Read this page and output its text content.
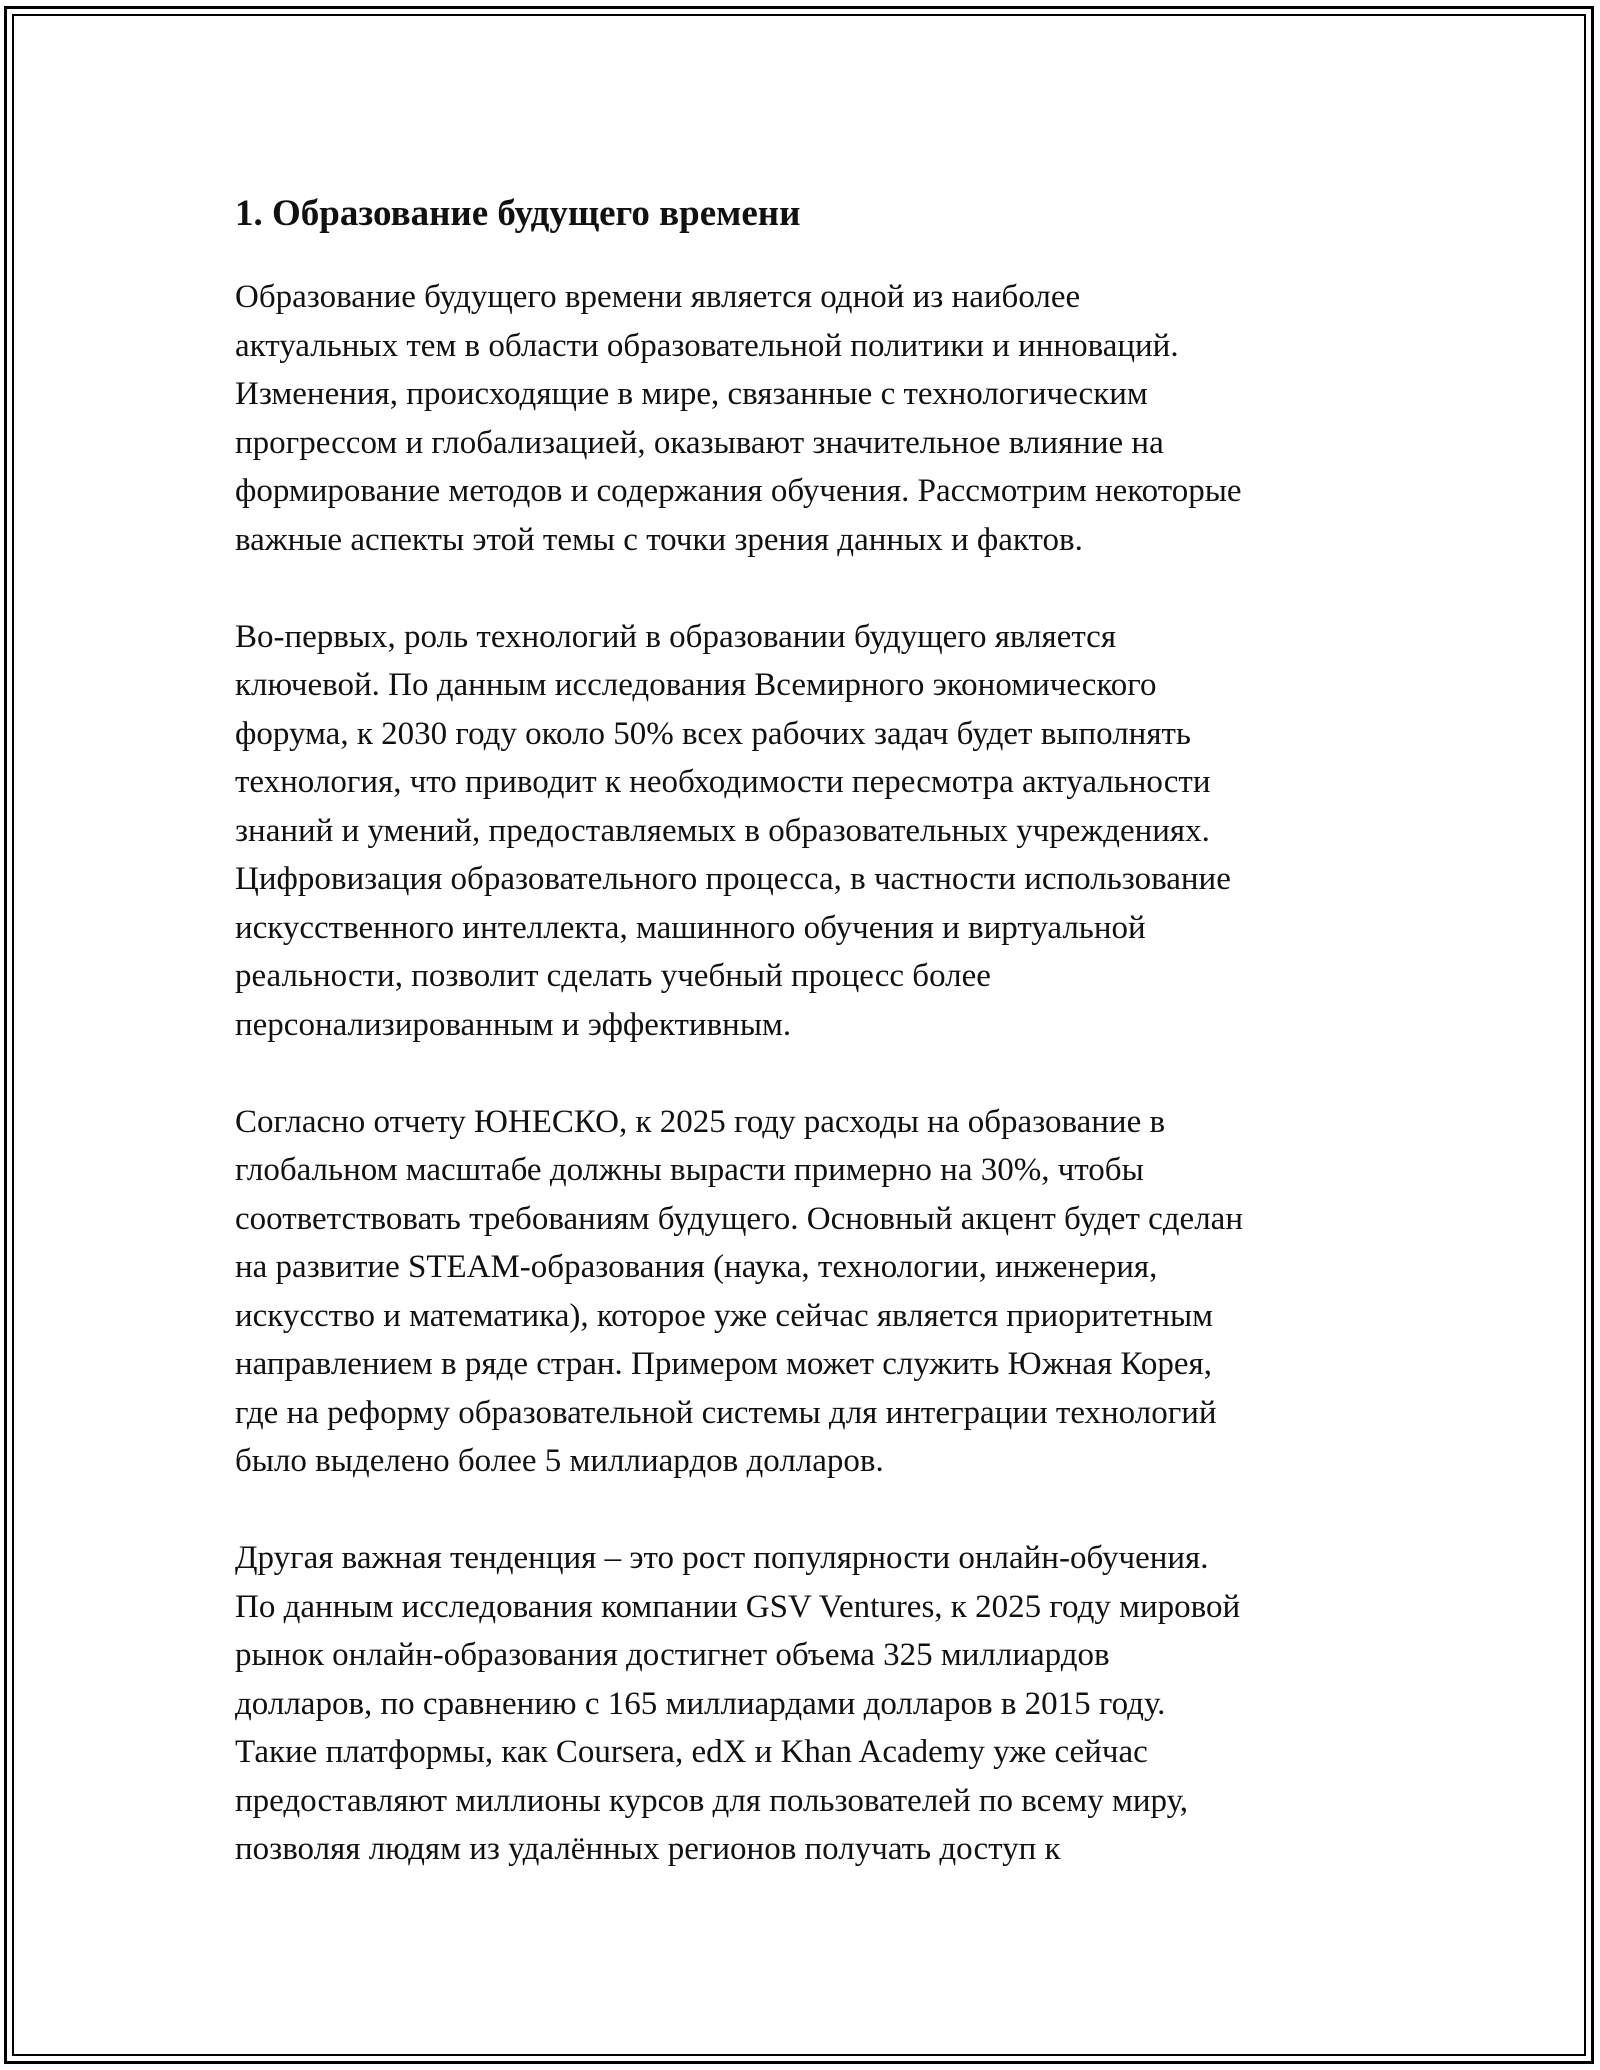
1. Образование будущего времени

Образование будущего времени является одной из наиболее
актуальных тем в области образовательной политики и инноваций.
Изменения, происходящие в мире, связанные с технологическим
прогрессом и глобализацией, оказывают значительное влияние на
формирование методов и содержания обучения. Рассмотрим некоторые
важные аспекты этой темы с точки зрения данных и фактов.

Во-первых, роль технологий в образовании будущего является
ключевой. По данным исследования Всемирного экономического
форума, к 2030 году около 50% всех рабочих задач будет выполнять
технология, что приводит к необходимости пересмотра актуальности
знаний и умений, предоставляемых в образовательных учреждениях.
Цифровизация образовательного процесса, в частности использование
искусственного интеллекта, машинного обучения и виртуальной
реальности, позволит сделать учебный процесс более
персонализированным и эффективным.

Согласно отчету ЮНЕСКО, к 2025 году расходы на образование в
глобальном масштабе должны вырасти примерно на 30%, чтобы
соответствовать требованиям будущего. Основный акцент будет сделан
на развитие STEAM-образования (наука, технологии, инженерия,
искусство и математика), которое уже сейчас является приоритетным
направлением в ряде стран. Примером может служить Южная Корея,
где на реформу образовательной системы для интеграции технологий
было выделено более 5 миллиардов долларов.

Другая важная тенденция – это рост популярности онлайн-обучения.
По данным исследования компании GSV Ventures, к 2025 году мировой
рынок онлайн-образования достигнет объема 325 миллиардов
долларов, по сравнению с 165 миллиардами долларов в 2015 году.
Такие платформы, как Coursera, edX и Khan Academy уже сейчас
предоставляют миллионы курсов для пользователей по всему миру,
позволяя людям из удалённых регионов получать доступ к
